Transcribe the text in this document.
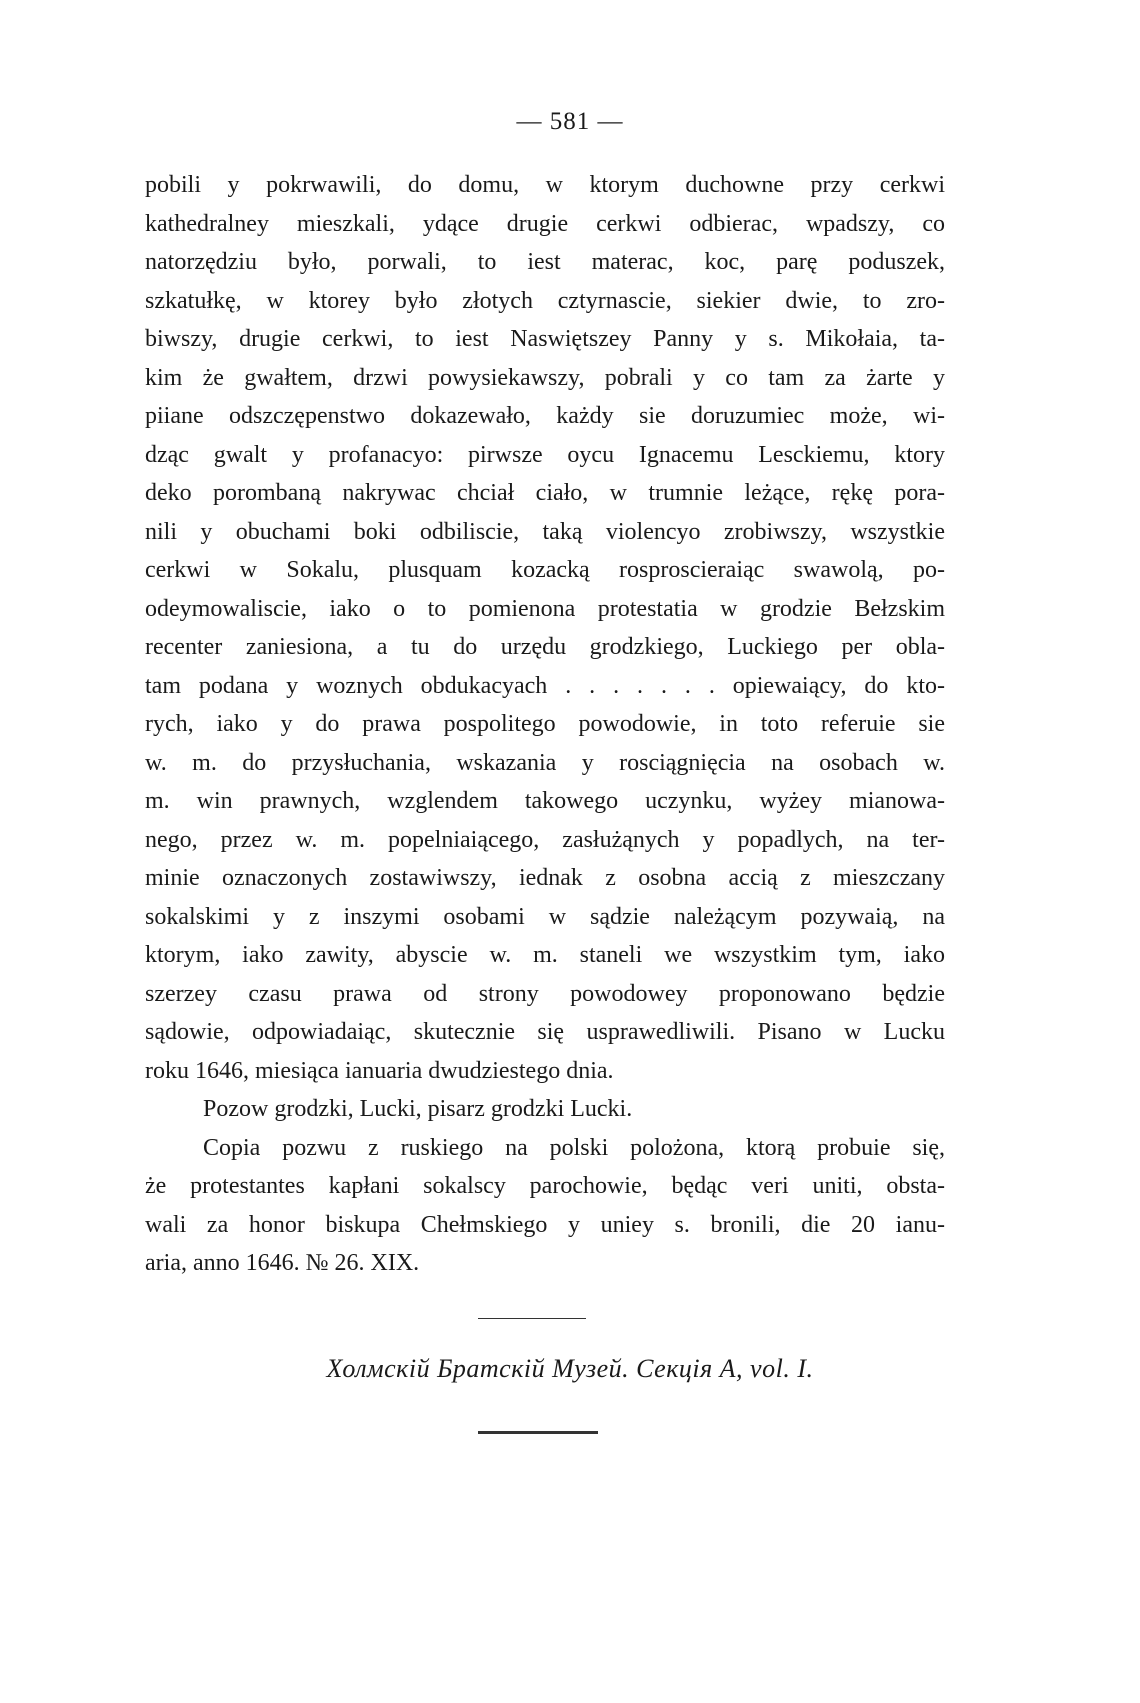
— 581 —
pobili y pokrwawili, do domu, w ktorym duchowne przy cerkwi
kathedralney mieszkali, ydące drugie cerkwi odbierac, wpadszy, co
natorzędziu było, porwali, to iest materac, koc, parę poduszek,
szkatułkę, w ktorey było złotych cztyrnascie, siekier dwie, to zro-
biwszy, drugie cerkwi, to iest Naswiętszey Panny y s. Mikołaia, ta-
kim że gwałtem, drzwi powysiekawszy, pobrali y co tam za żarte y
piiane odszczępenstwo dokazewało, każdy sie doruzumiec może, wi-
dząc gwalt y profanacyo: pirwsze oycu Ignacemu Lesckiemu, ktory
deko porombaną nakrywac chciał ciało, w trumnie leżące, rękę pora-
nili y obuchami boki odbiliscie, taką violencyo zrobiwszy, wszystkie
cerkwi w Sokalu, plusquam kozacką rosproscieraiąc swawolą, po-
odeymowaliscie, iako o to pomienona protestatia w grodzie Bełzskim
recenter zaniesiona, a tu do urzędu grodzkiego, Luckiego per obla-
tam podana y woznych obdukacyach . . . . . . . opiewaiący, do kto-
rych, iako y do prawa pospolitego powodowie, in toto referuie sie
w. m. do przysłuchania, wskazania y rosciągnięcia na osobach w.
m. win prawnych, wzglendem takowego uczynku, wyżey mianowa-
nego, przez w. m. popelniaiącego, zasłużąnych y popadlych, na ter-
minie oznaczonych zostawiwszy, iednak z osobna accią z mieszczany
sokalskimi y z inszymi osobami w sądzie należącym pozywaią, na
ktorym, iako zawity, abyscie w. m. staneli we wszystkim tym, iako
szerzey czasu prawa od strony powodowey proponowano będzie
sądowie, odpowiadaiąc, skutecznie się usprawedliwili. Pisano w Lucku
roku 1646, miesiąca ianuaria dwudziestego dnia.
Pozow grodzki, Lucki, pisarz grodzki Lucki.
Copia pozwu z ruskiego na polski polożona, ktorą probuie się,
że protestantes kapłani sokalscy parochowie, będąc veri uniti, obsta-
wali za honor biskupa Chełmskiego y uniey s. bronili, die 20 ianu-
aria, anno 1646. № 26. XIX.
Холмскій Братскій Музей. Секція A, vol. I.
